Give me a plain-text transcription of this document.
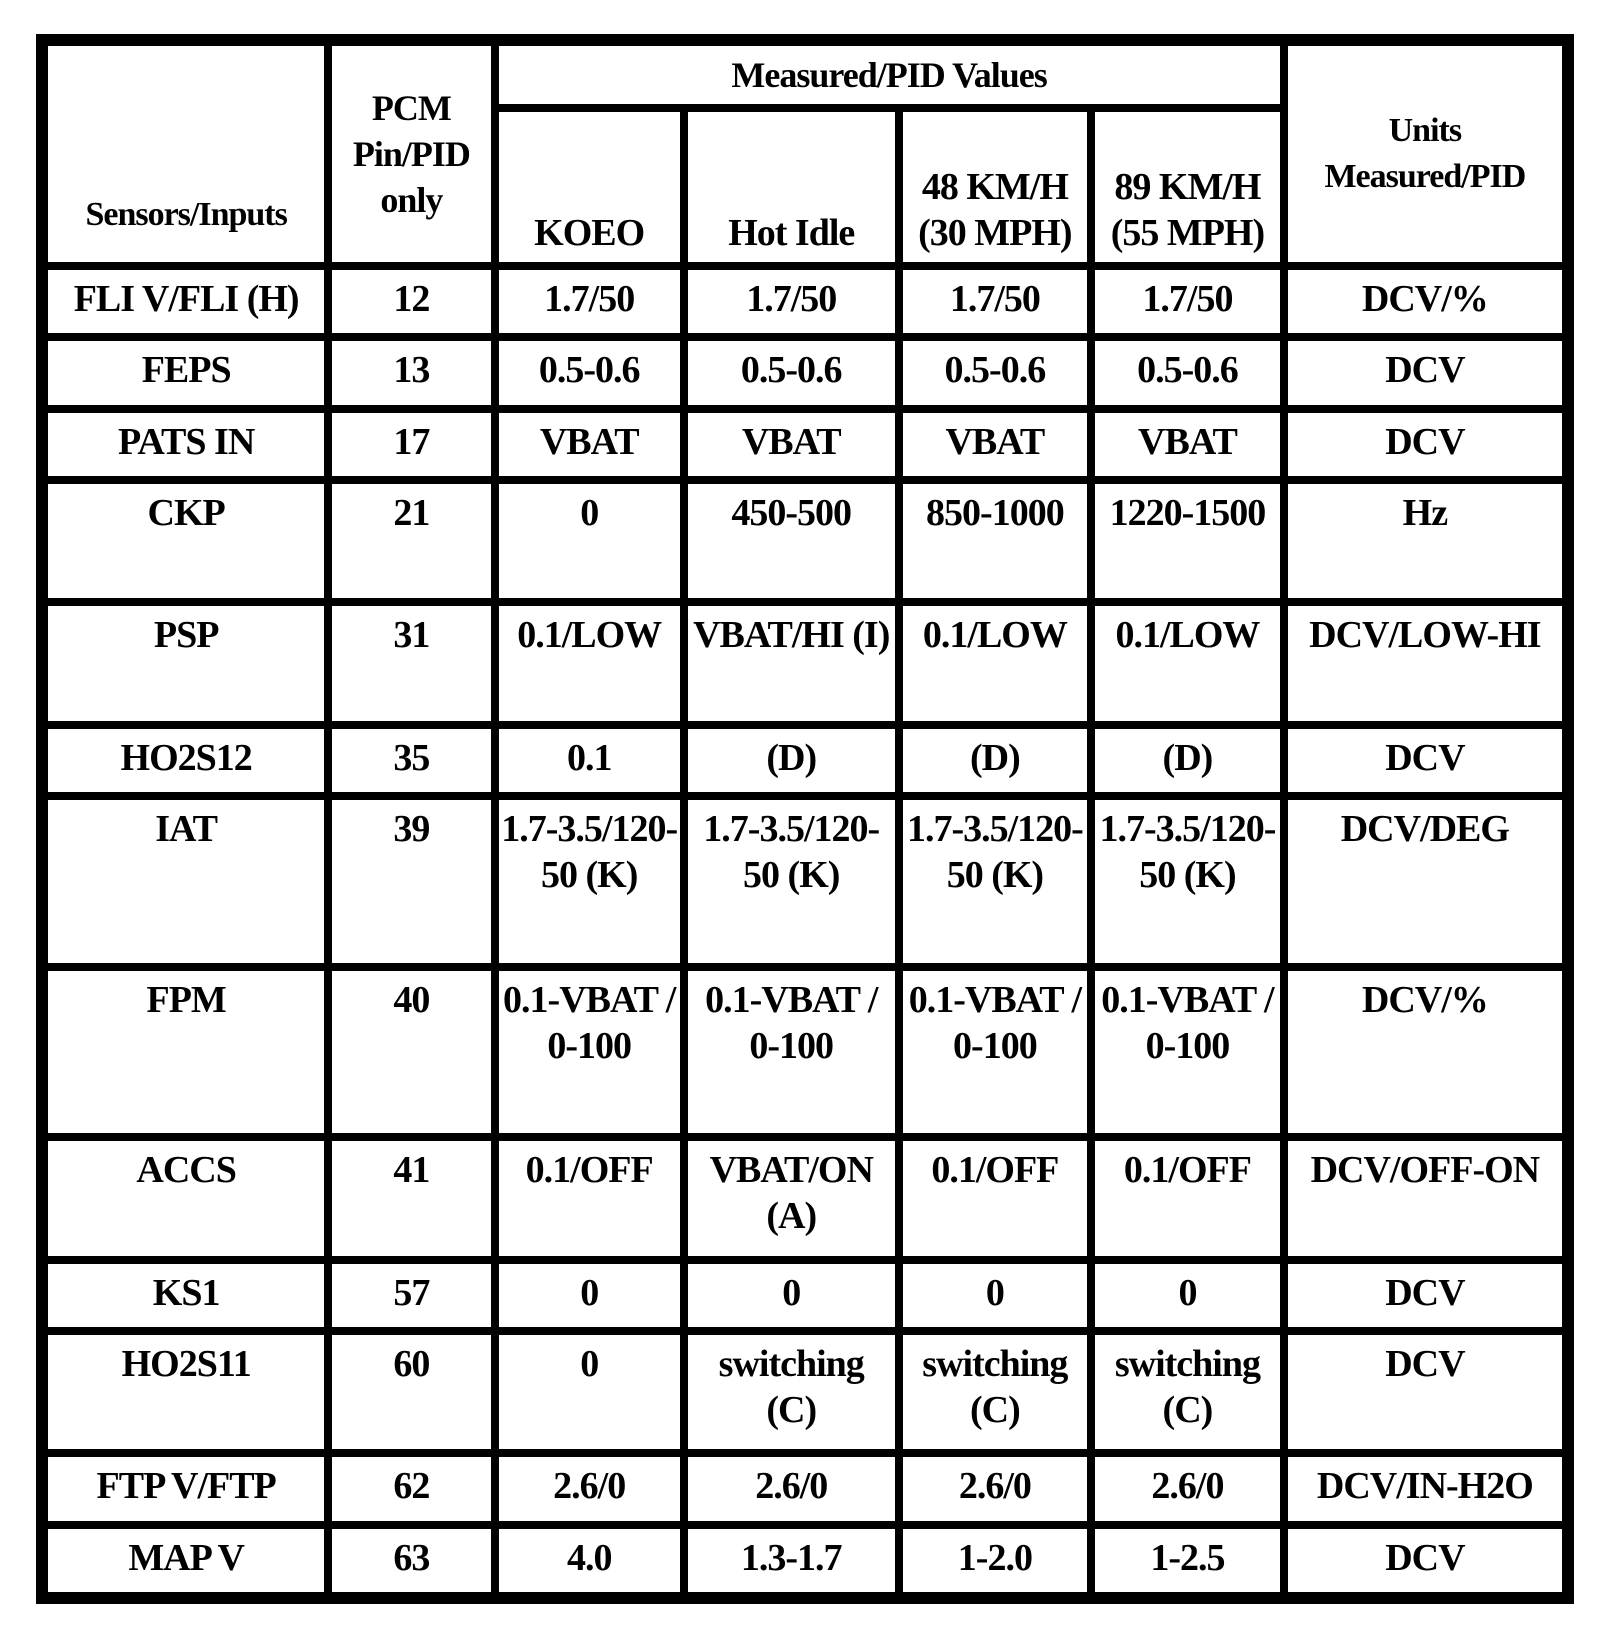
Sensors/Inputs	PCM Pin/PID only	Measured/PID Values				Units Measured/PID
		KOEO	Hot Idle	48 KM/H (30 MPH)	89 KM/H (55 MPH)	
FLI V/FLI (H)	12	1.7/50	1.7/50	1.7/50	1.7/50	DCV/%
FEPS	13	0.5-0.6	0.5-0.6	0.5-0.6	0.5-0.6	DCV
PATS IN	17	VBAT	VBAT	VBAT	VBAT	DCV
CKP	21	0	450-500	850-1000	1220-1500	Hz
PSP	31	0.1/LOW	VBAT/HI (I)	0.1/LOW	0.1/LOW	DCV/LOW-HI
HO2S12	35	0.1	(D)	(D)	(D)	DCV
IAT	39	1.7-3.5/120-50 (K)	1.7-3.5/120-50 (K)	1.7-3.5/120-50 (K)	1.7-3.5/120-50 (K)	DCV/DEG
FPM	40	0.1-VBAT / 0-100	0.1-VBAT / 0-100	0.1-VBAT / 0-100	0.1-VBAT / 0-100	DCV/%
ACCS	41	0.1/OFF	VBAT/ON (A)	0.1/OFF	0.1/OFF	DCV/OFF-ON
KS1	57	0	0	0	0	DCV
HO2S11	60	0	switching (C)	switching (C)	switching (C)	DCV
FTP V/FTP	62	2.6/0	2.6/0	2.6/0	2.6/0	DCV/IN-H2O
MAP V	63	4.0	1.3-1.7	1-2.0	1-2.5	DCV
